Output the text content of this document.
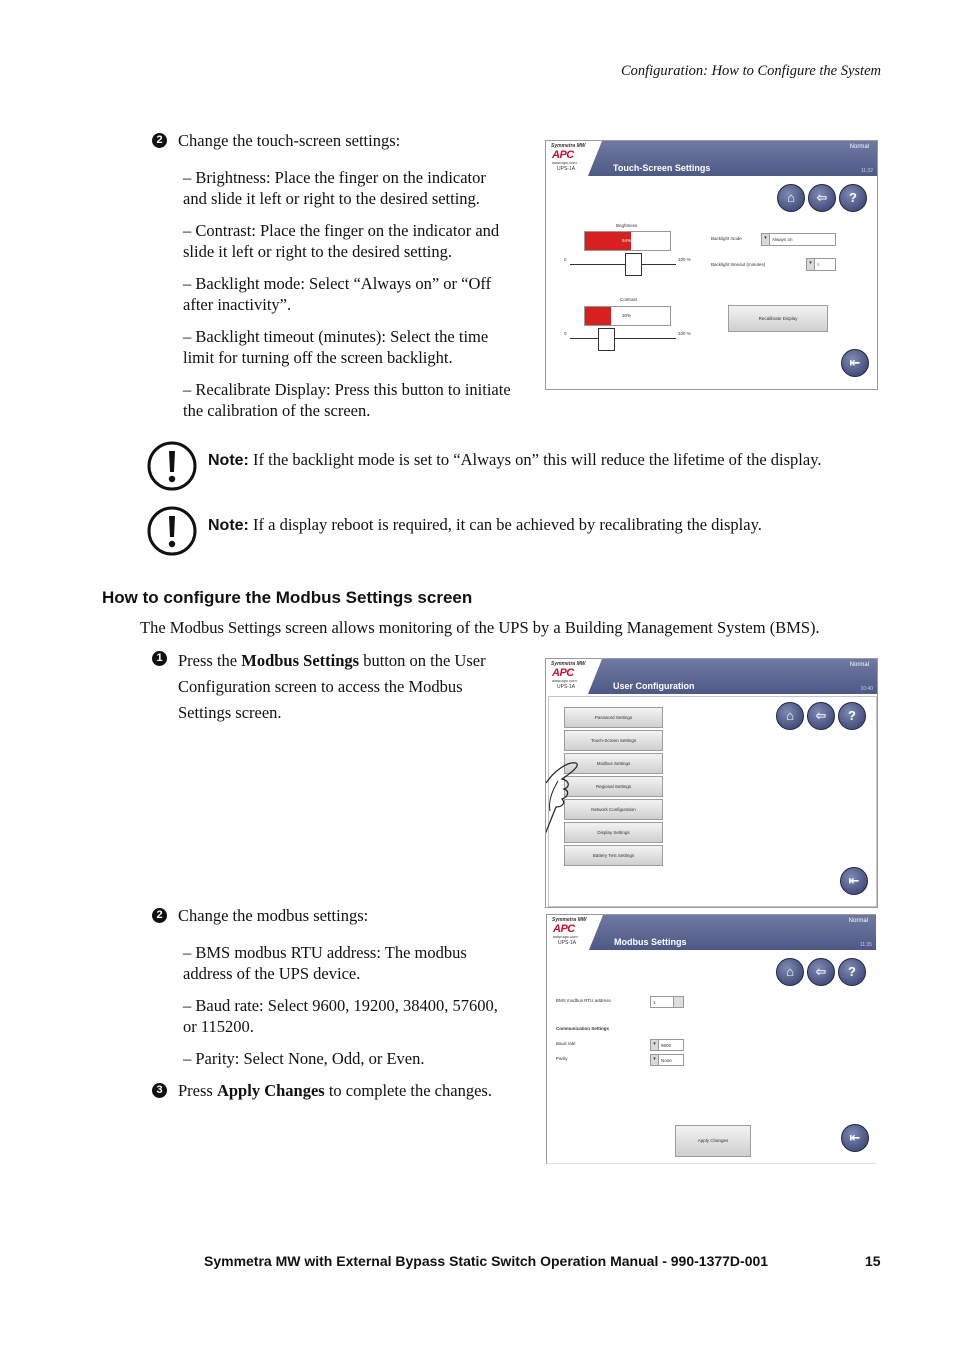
Configuration: How to Configure the System
2 Change the touch-screen settings:
– Brightness: Place the finger on the indicator and slide it left or right to the desired setting.
– Contrast: Place the finger on the indicator and slide it left or right to the desired setting.
– Backlight mode: Select “Always on” or “Off after inactivity”.
– Backlight timeout (minutes): Select the time limit for turning off the screen backlight.
– Recalibrate Display: Press this button to initiate the calibration of the screen.
Symmetra MW
APC
www.apc.com
UPS-1A	Touch-Screen Settings
Normal
11:32
⌂	⇦	?
Brightness
54%
0	100 %
Contrast
30%
0	100 %
Backlight mode	▾	Always on
Backlight timeout (minutes)	▾	5
Recalibrate Display
⇤
Note: If the backlight mode is set to “Always on” this will reduce the lifetime of the display.
Note: If a display reboot is required, it can be achieved by recalibrating the display.
How to configure the Modbus Settings screen
The Modbus Settings screen allows monitoring of the UPS by a Building Management System (BMS).
1 Press the Modbus Settings button on the User Configuration screen to access the Modbus Settings screen.
Symmetra MW
APC
www.apc.com
UPS-1A	User Configuration
Normal
10:40
⌂	⇦	?
Password Settings
Touch-Screen Settings
Modbus Settings
Regional Settings
Network Configuration
Display Settings
Battery Test Settings
⇤
2 Change the modbus settings:
– BMS modbus RTU address: The modbus address of the UPS device.
– Baud rate: Select 9600, 19200, 38400, 57600, or 115200.
– Parity: Select None, Odd, or Even.
3 Press Apply Changes to complete the changes.
Symmetra MW
APC
www.apc.com
UPS-1A	Modbus Settings
Normal
11:35
⌂	⇦	?
BMS modbus RTU address	1
Communication Settings
Baud rate	▾	9600
Parity	▾	None
Apply Changes	⇤
Symmetra MW with External Bypass Static Switch Operation Manual - 990-1377D-001	15
